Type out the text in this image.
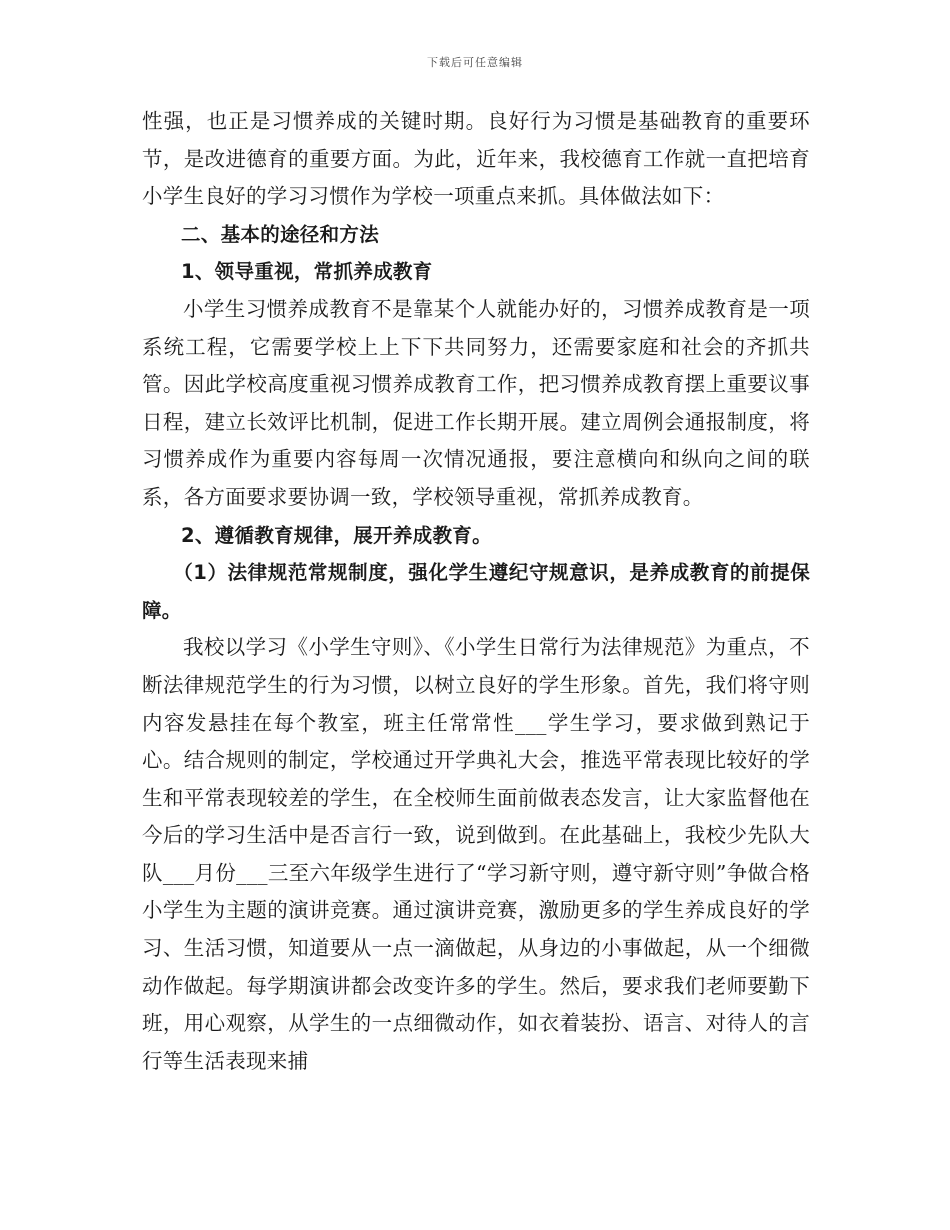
下载后可任意编辑

性强，也正是习惯养成的关键时期。良好行为习惯是基础教育的重要环节，是改进德育的重要方面。为此，近年来，我校德育工作就一直把培育小学生良好的学习习惯作为学校一项重点来抓。具体做法如下：

二、基本的途径和方法

1、领导重视，常抓养成教育

小学生习惯养成教育不是靠某个人就能办好的，习惯养成教育是一项系统工程，它需要学校上上下下共同努力，还需要家庭和社会的齐抓共管。因此学校高度重视习惯养成教育工作，把习惯养成教育摆上重要议事日程，建立长效评比机制，促进工作长期开展。建立周例会通报制度，将习惯养成作为重要内容每周一次情况通报，要注意横向和纵向之间的联系，各方面要求要协调一致，学校领导重视，常抓养成教育。

2、遵循教育规律，展开养成教育。

（1）法律规范常规制度，强化学生遵纪守规意识，是养成教育的前提保障。

我校以学习《小学生守则》、《小学生日常行为法律规范》为重点，不断法律规范学生的行为习惯，以树立良好的学生形象。首先，我们将守则内容发悬挂在每个教室，班主任常常性___学生学习，要求做到熟记于心。结合规则的制定，学校通过开学典礼大会，推选平常表现比较好的学生和平常表现较差的学生，在全校师生面前做表态发言，让大家监督他在今后的学习生活中是否言行一致，说到做到。在此基础上，我校少先队大队___月份___三至六年级学生进行了“学习新守则，遵守新守则”争做合格小学生为主题的演讲竞赛。通过演讲竞赛，激励更多的学生养成良好的学习、生活习惯，知道要从一点一滴做起，从身边的小事做起，从一个细微动作做起。每学期演讲都会改变许多的学生。然后，要求我们老师要勤下班，用心观察，从学生的一点细微动作，如衣着装扮、语言、对待人的言行等生活表现来捕
